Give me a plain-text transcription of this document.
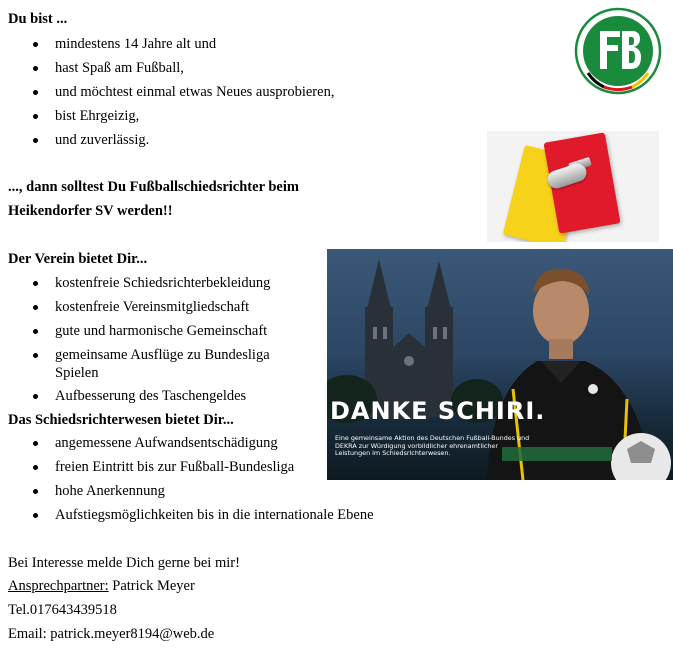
Du bist ...
mindestens 14 Jahre alt und
hast Spaß am Fußball,
und möchtest einmal etwas Neues ausprobieren,
bist Ehrgeizig,
und zuverlässig.
..., dann solltest Du Fußballschiedsrichter beim
Heikendorfer SV werden!!
Der Verein bietet Dir...
kostenfreie Schiedsrichterbekleidung
kostenfreie Vereinsmitgliedschaft
gute und harmonische Gemeinschaft
gemeinsame Ausflüge zu Bundesliga
Spielen
Aufbesserung des Taschengeldes
Das Schiedsrichterwesen bietet Dir...
angemessene Aufwandsentschädigung
freien Eintritt bis zur Fußball-Bundesliga
hohe Anerkennung
Aufstiegsmöglichkeiten bis in die internationale Ebene
Bei Interesse melde Dich gerne bei mir!
Ansprechpartner: Patrick Meyer
Tel.017643439518
Email: patrick.meyer8194@web.de
DANKE SCHIRI.
Eine gemeinsame Aktion des Deutschen Fußball-Bundes und DEKRA zur Würdigung vorbildlicher ehrenamtlicher Leistungen im Schiedsrichterwesen.
